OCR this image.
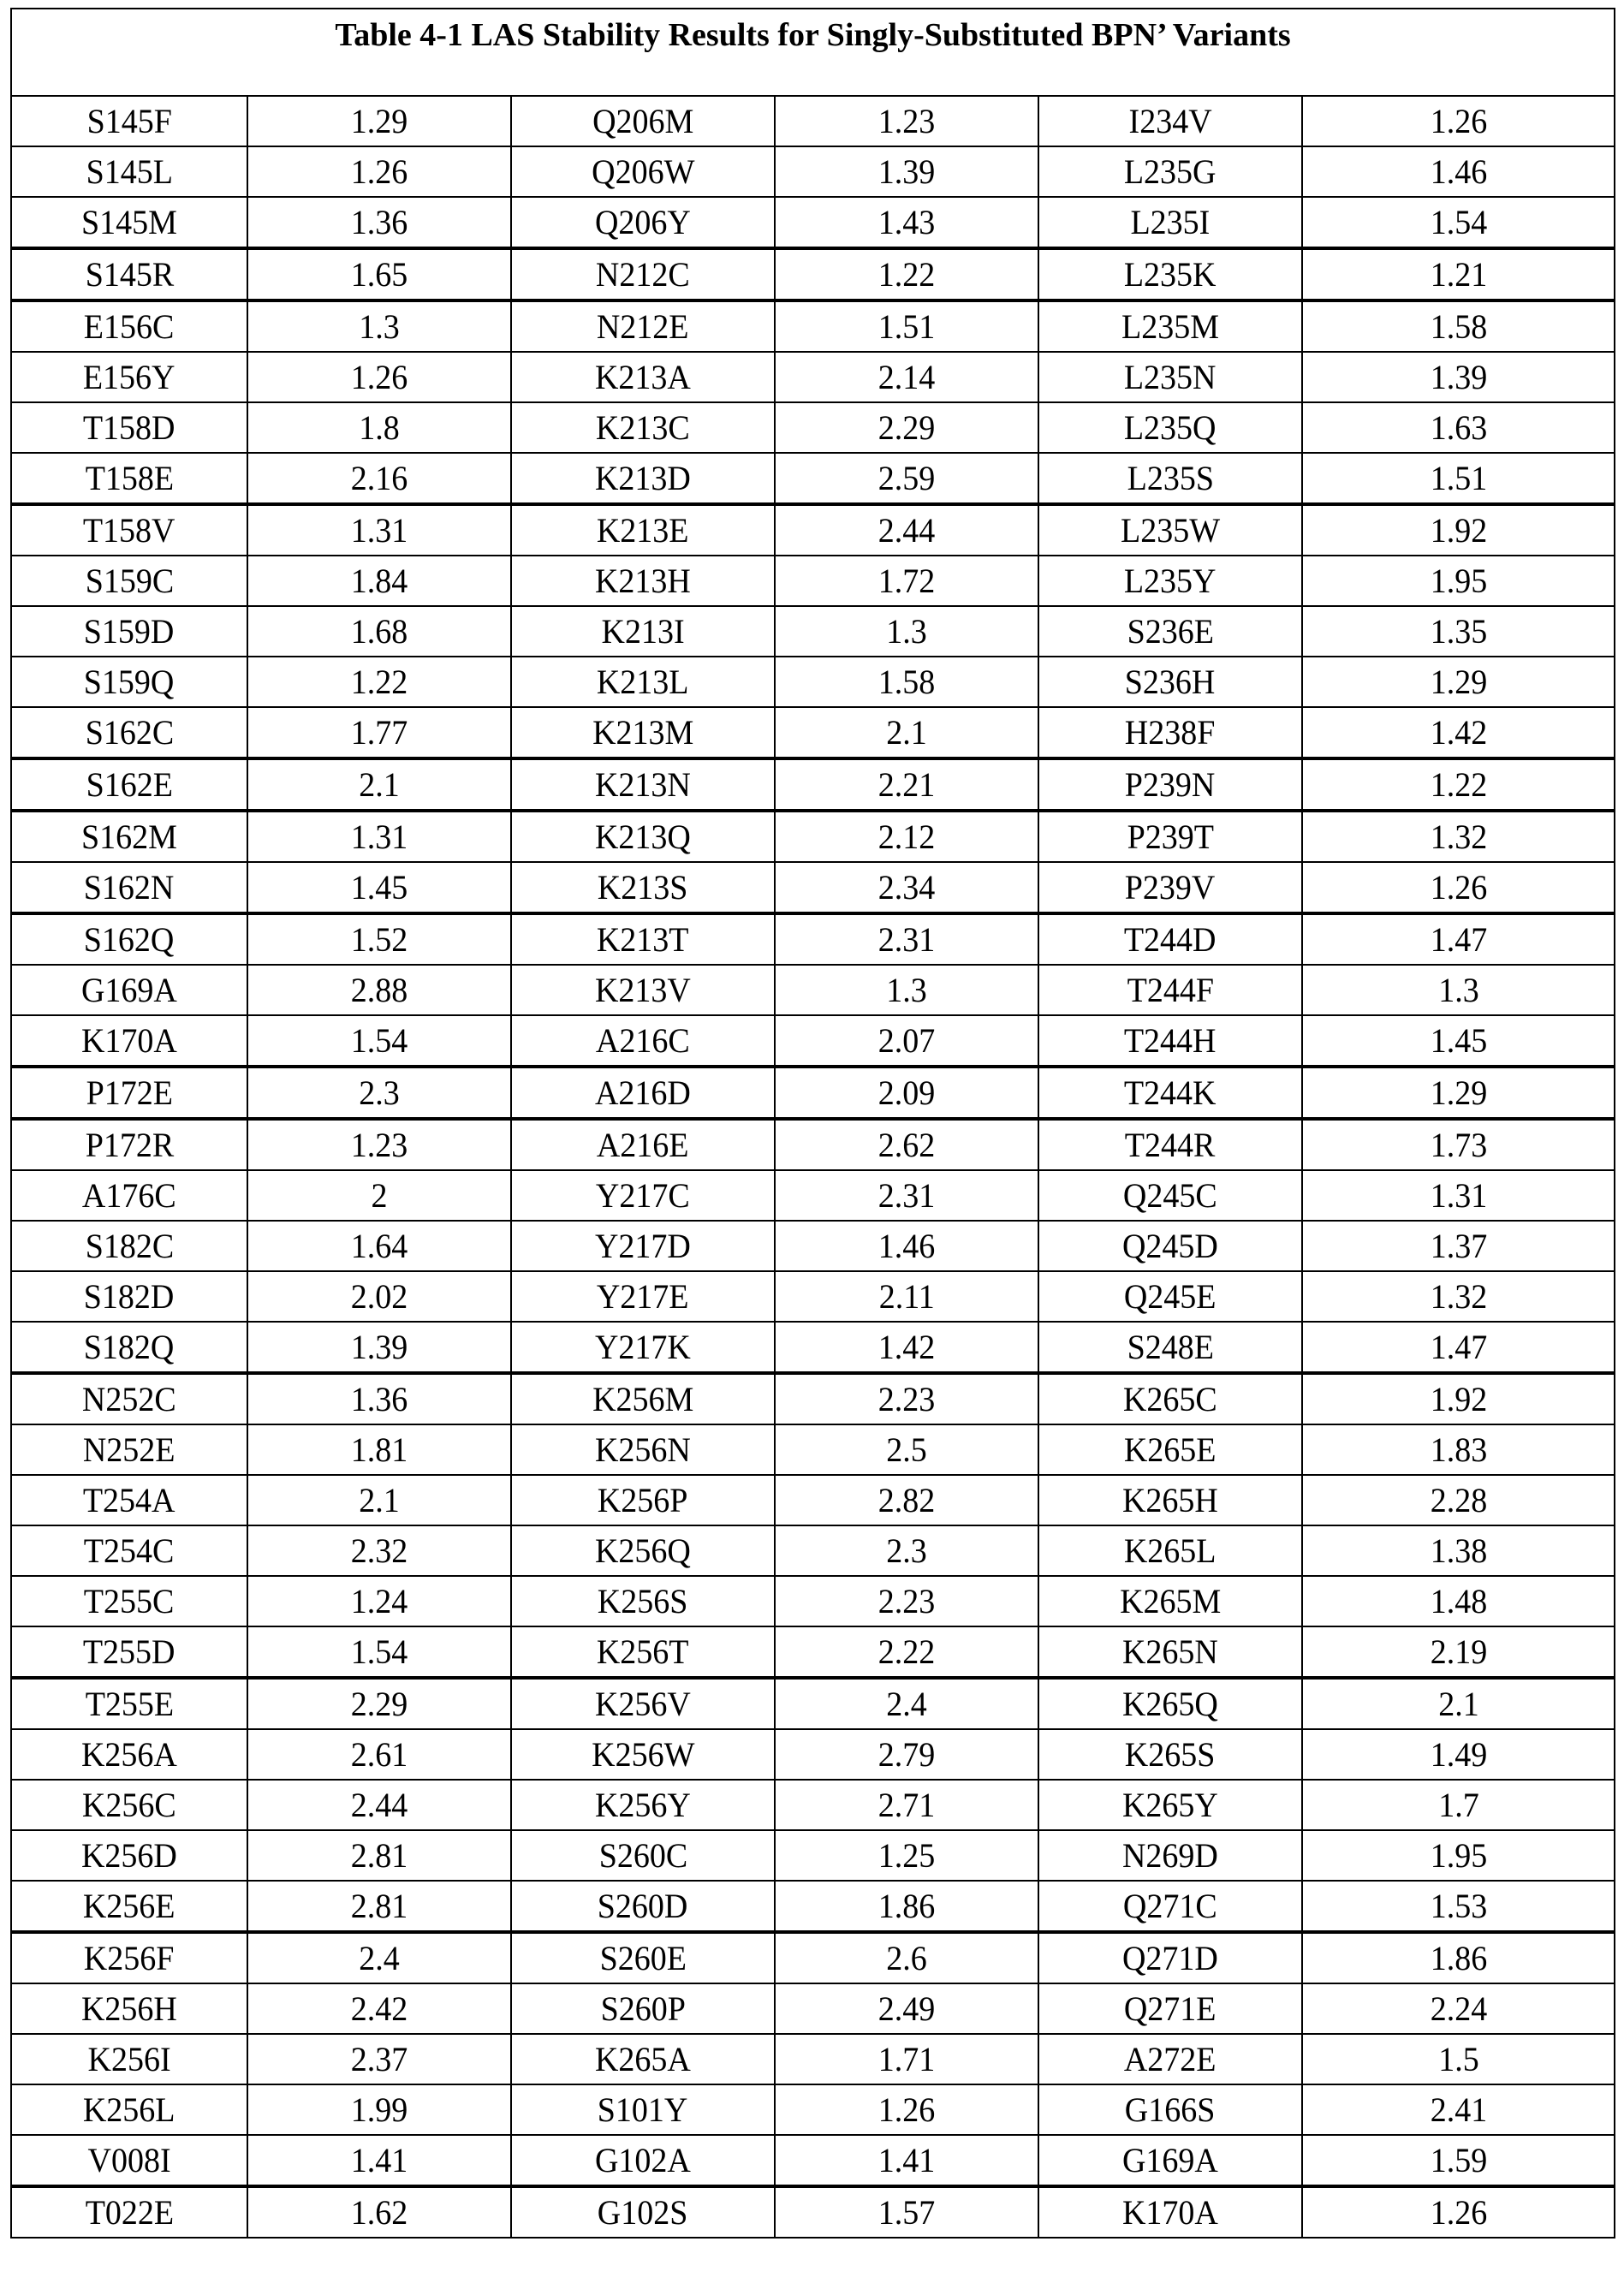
Table 4-1 LAS Stability Results for Singly-Substituted BPN’ Variants
S145F	1.29	Q206M	1.23	I234V	1.26
S145L	1.26	Q206W	1.39	L235G	1.46
S145M	1.36	Q206Y	1.43	L235I	1.54
S145R	1.65	N212C	1.22	L235K	1.21
E156C	1.3	N212E	1.51	L235M	1.58
E156Y	1.26	K213A	2.14	L235N	1.39
T158D	1.8	K213C	2.29	L235Q	1.63
T158E	2.16	K213D	2.59	L235S	1.51
T158V	1.31	K213E	2.44	L235W	1.92
S159C	1.84	K213H	1.72	L235Y	1.95
S159D	1.68	K213I	1.3	S236E	1.35
S159Q	1.22	K213L	1.58	S236H	1.29
S162C	1.77	K213M	2.1	H238F	1.42
S162E	2.1	K213N	2.21	P239N	1.22
S162M	1.31	K213Q	2.12	P239T	1.32
S162N	1.45	K213S	2.34	P239V	1.26
S162Q	1.52	K213T	2.31	T244D	1.47
G169A	2.88	K213V	1.3	T244F	1.3
K170A	1.54	A216C	2.07	T244H	1.45
P172E	2.3	A216D	2.09	T244K	1.29
P172R	1.23	A216E	2.62	T244R	1.73
A176C	2	Y217C	2.31	Q245C	1.31
S182C	1.64	Y217D	1.46	Q245D	1.37
S182D	2.02	Y217E	2.11	Q245E	1.32
S182Q	1.39	Y217K	1.42	S248E	1.47
N252C	1.36	K256M	2.23	K265C	1.92
N252E	1.81	K256N	2.5	K265E	1.83
T254A	2.1	K256P	2.82	K265H	2.28
T254C	2.32	K256Q	2.3	K265L	1.38
T255C	1.24	K256S	2.23	K265M	1.48
T255D	1.54	K256T	2.22	K265N	2.19
T255E	2.29	K256V	2.4	K265Q	2.1
K256A	2.61	K256W	2.79	K265S	1.49
K256C	2.44	K256Y	2.71	K265Y	1.7
K256D	2.81	S260C	1.25	N269D	1.95
K256E	2.81	S260D	1.86	Q271C	1.53
K256F	2.4	S260E	2.6	Q271D	1.86
K256H	2.42	S260P	2.49	Q271E	2.24
K256I	2.37	K265A	1.71	A272E	1.5
K256L	1.99	S101Y	1.26	G166S	2.41
V008I	1.41	G102A	1.41	G169A	1.59
T022E	1.62	G102S	1.57	K170A	1.26
